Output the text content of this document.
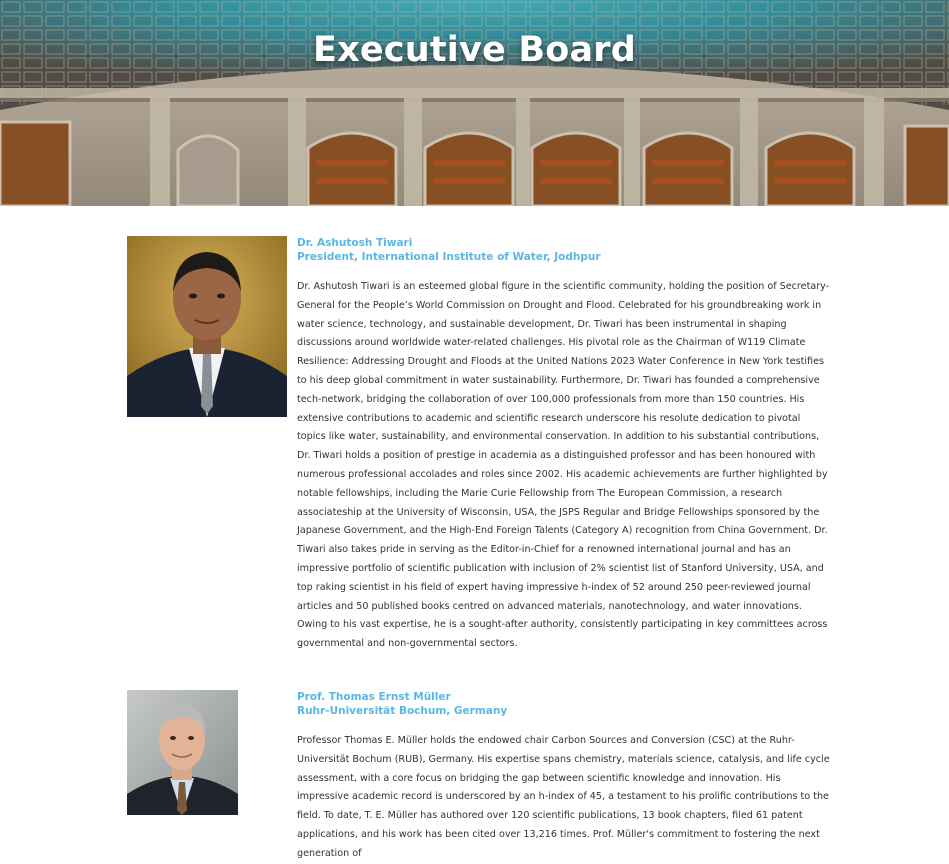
Executive Board
Dr. Ashutosh Tiwari
President, International Institute of Water, Jodhpur
Dr. Ashutosh Tiwari is an esteemed global figure in the scientific community, holding the position of Secretary-General for the People’s World Commission on Drought and Flood. Celebrated for his groundbreaking work in water science, technology, and sustainable development, Dr. Tiwari has been instrumental in shaping discussions around worldwide water-related challenges. His pivotal role as the Chairman of W119 Climate Resilience: Addressing Drought and Floods at the United Nations 2023 Water Conference in New York testifies to his deep global commitment in water sustainability. Furthermore, Dr. Tiwari has founded a comprehensive tech-network, bridging the collaboration of over 100,000 professionals from more than 150 countries. His extensive contributions to academic and scientific research underscore his resolute dedication to pivotal topics like water, sustainability, and environmental conservation. In addition to his substantial contributions, Dr. Tiwari holds a position of prestige in academia as a distinguished professor and has been honoured with numerous professional accolades and roles since 2002. His academic achievements are further highlighted by notable fellowships, including the Marie Curie Fellowship from The European Commission, a research associateship at the University of Wisconsin, USA, the JSPS Regular and Bridge Fellowships sponsored by the Japanese Government, and the High-End Foreign Talents (Category A) recognition from China Government. Dr. Tiwari also takes pride in serving as the Editor-in-Chief for a renowned international journal and has an impressive portfolio of scientific publication with inclusion of 2% scientist list of Stanford University, USA, and top raking scientist in his field of expert having impressive h-index of 52 around 250 peer-reviewed journal articles and 50 published books centred on advanced materials, nanotechnology, and water innovations. Owing to his vast expertise, he is a sought-after authority, consistently participating in key committees across governmental and non-governmental sectors.
Prof. Thomas Ernst Müller
Ruhr-Universität Bochum, Germany
Professor Thomas E. Müller holds the endowed chair Carbon Sources and Conversion (CSC) at the Ruhr-Universität Bochum (RUB), Germany. His expertise spans chemistry, materials science, catalysis, and life cycle assessment, with a core focus on bridging the gap between scientific knowledge and innovation. His impressive academic record is underscored by an h-index of 45, a testament to his prolific contributions to the field. To date, T. E. Müller has authored over 120 scientific publications, 13 book chapters, filed 61 patent applications, and his work has been cited over 13,216 times. Prof. Müller's commitment to fostering the next generation of
